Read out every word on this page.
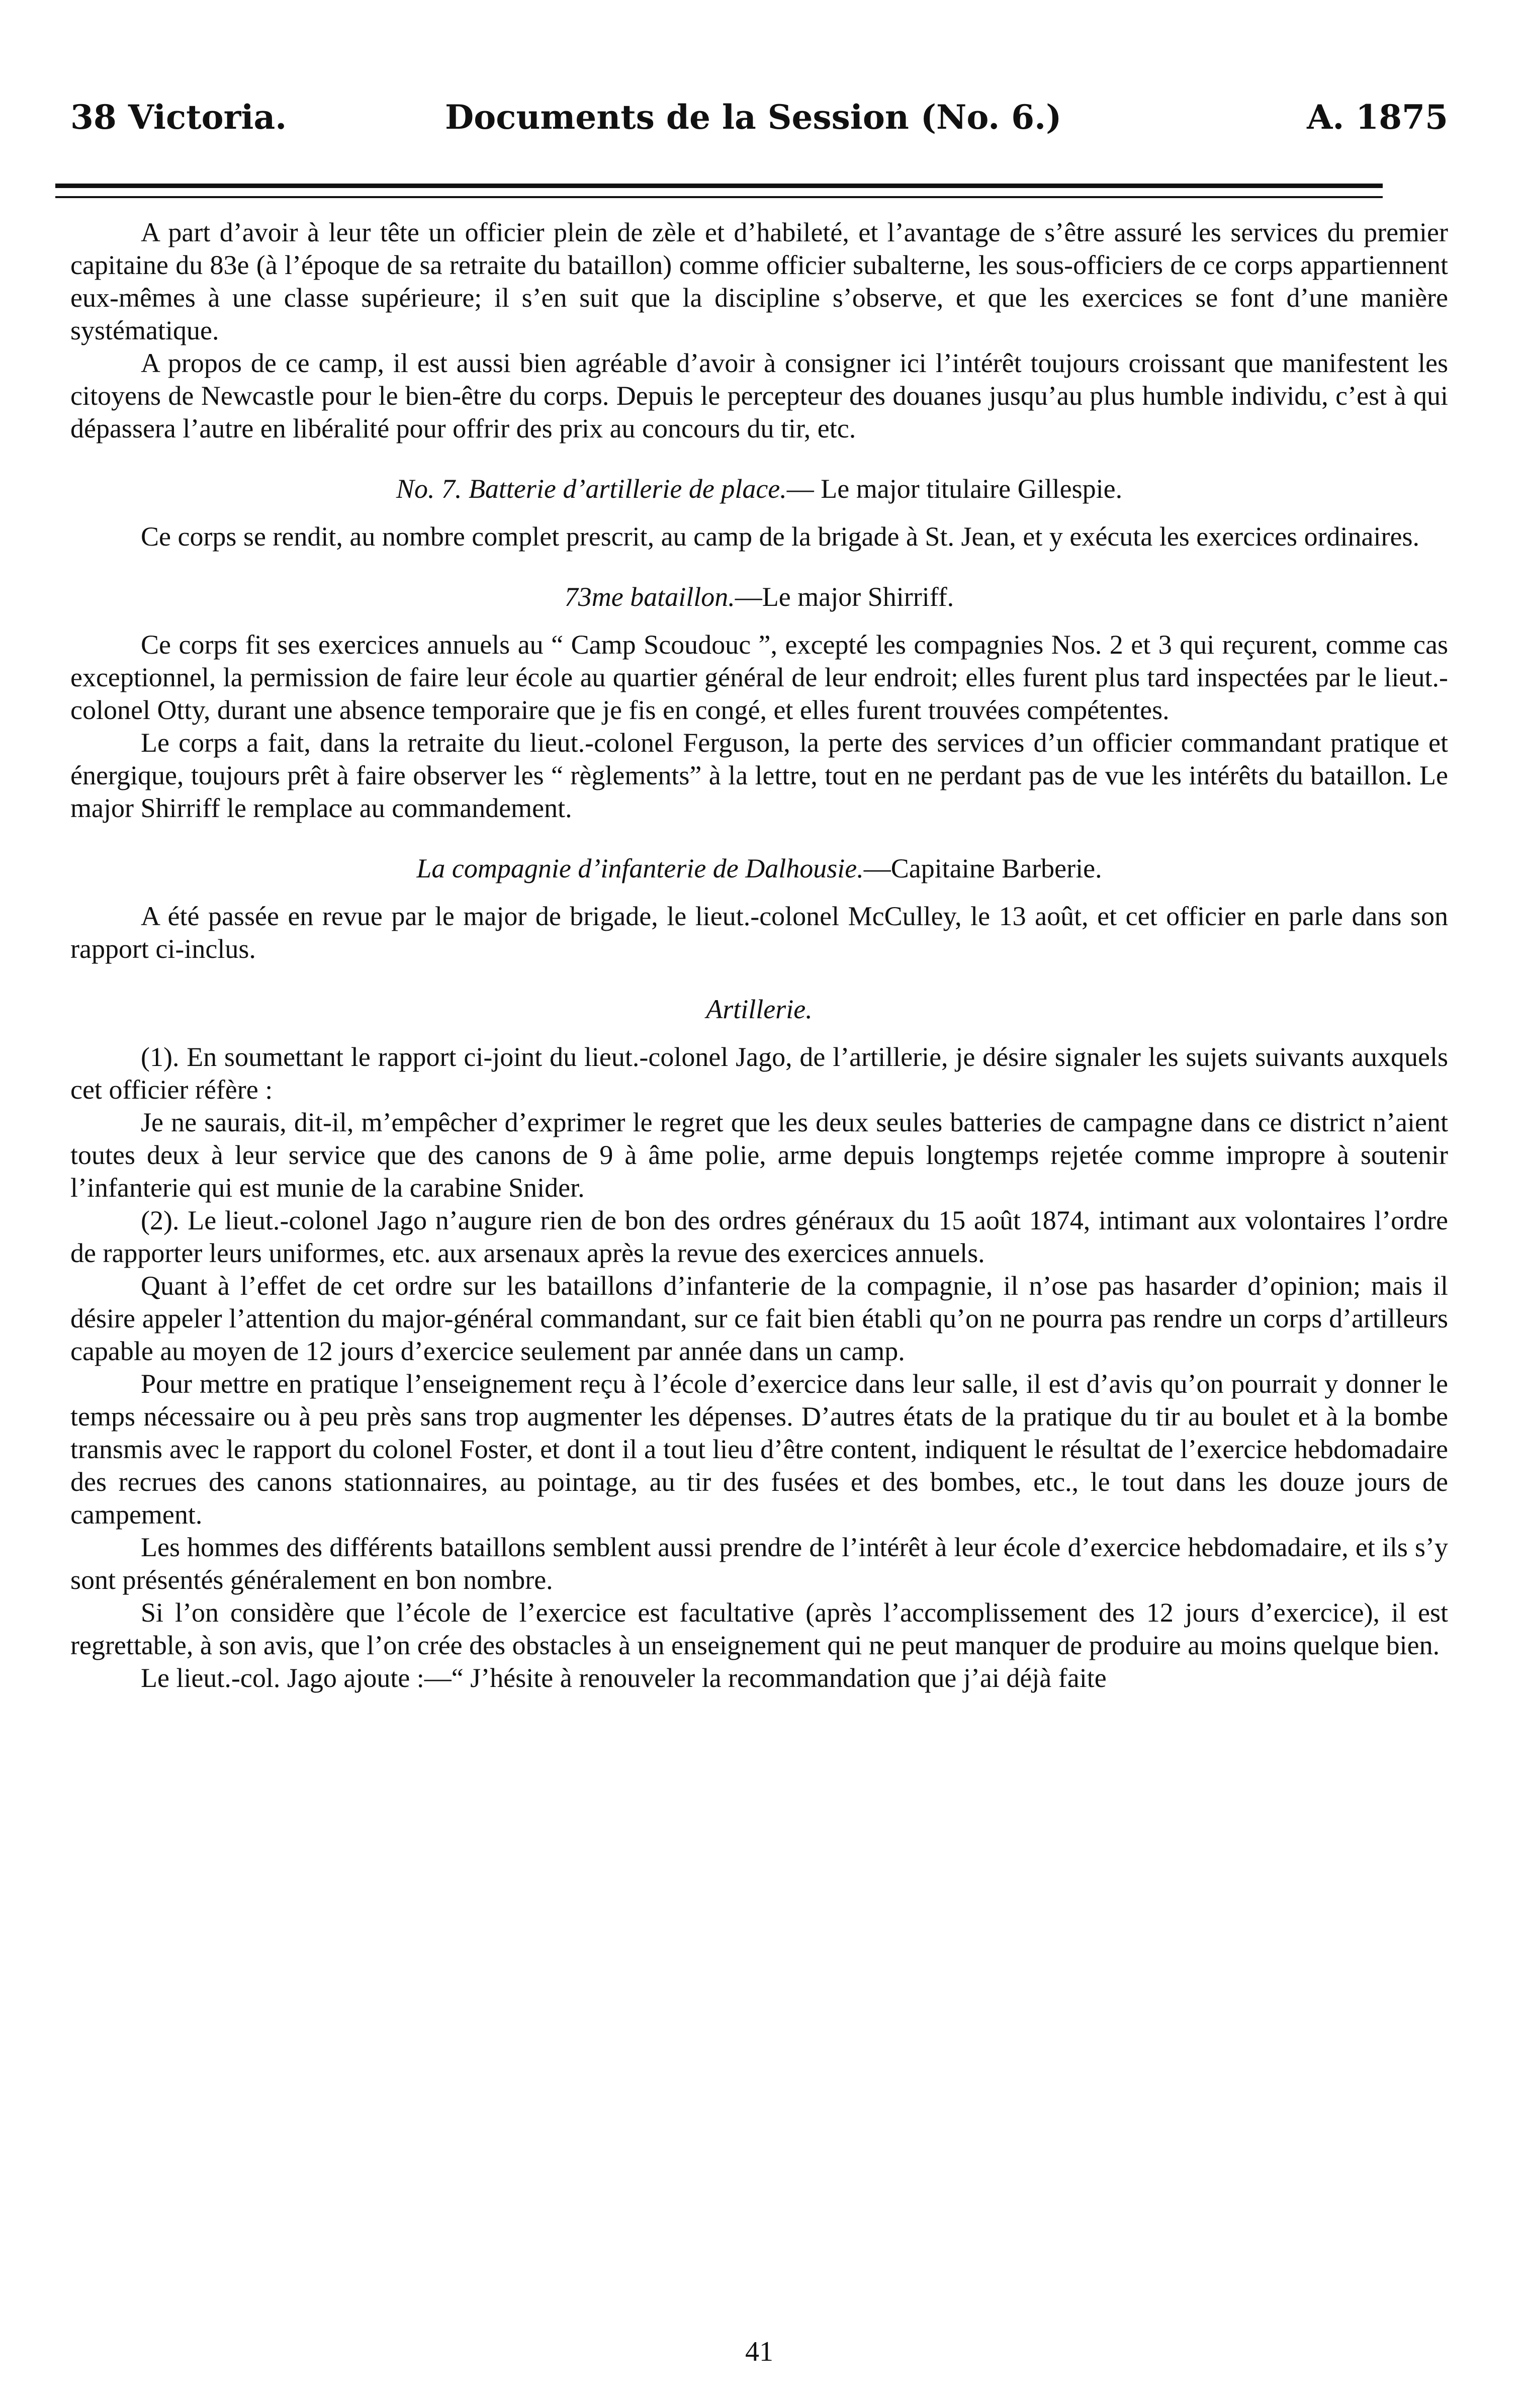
38 Victoria.	Documents de la Session (No. 6.)	A. 1875

A part d’avoir à leur tête un officier plein de zèle et d’habileté, et l’avantage de s’être assuré les services du premier capitaine du 83e (à l’époque de sa retraite du bataillon) comme officier subalterne, les sous-officiers de ce corps appartiennent eux-mêmes à une classe supérieure; il s’en suit que la discipline s’observe, et que les exercices se font d’une manière systématique.

A propos de ce camp, il est aussi bien agréable d’avoir à consigner ici l’intérêt toujours croissant que manifestent les citoyens de Newcastle pour le bien-être du corps. Depuis le percepteur des douanes jusqu’au plus humble individu, c’est à qui dépassera l’autre en libéralité pour offrir des prix au concours du tir, etc.

No. 7. Batterie d’artillerie de place.— Le major titulaire Gillespie.

Ce corps se rendit, au nombre complet prescrit, au camp de la brigade à St. Jean, et y exécuta les exercices ordinaires.

73me bataillon.—Le major Shirriff.

Ce corps fit ses exercices annuels au “ Camp Scoudouc ”, excepté les compagnies Nos. 2 et 3 qui reçurent, comme cas exceptionnel, la permission de faire leur école au quartier général de leur endroit; elles furent plus tard inspectées par le lieut.-colonel Otty, durant une absence temporaire que je fis en congé, et elles furent trouvées compétentes.

Le corps a fait, dans la retraite du lieut.-colonel Ferguson, la perte des services d’un officier commandant pratique et énergique, toujours prêt à faire observer les “ règlements” à la lettre, tout en ne perdant pas de vue les intérêts du bataillon. Le major Shirriff le remplace au commandement.

La compagnie d’infanterie de Dalhousie.—Capitaine Barberie.

A été passée en revue par le major de brigade, le lieut.-colonel McCulley, le 13 août, et cet officier en parle dans son rapport ci-inclus.

Artillerie.

(1). En soumettant le rapport ci-joint du lieut.-colonel Jago, de l’artillerie, je désire signaler les sujets suivants auxquels cet officier réfère :

Je ne saurais, dit-il, m’empêcher d’exprimer le regret que les deux seules batteries de campagne dans ce district n’aient toutes deux à leur service que des canons de 9 à âme polie, arme depuis longtemps rejetée comme impropre à soutenir l’infanterie qui est munie de la carabine Snider.

(2). Le lieut.-colonel Jago n’augure rien de bon des ordres généraux du 15 août 1874, intimant aux volontaires l’ordre de rapporter leurs uniformes, etc. aux arsenaux après la revue des exercices annuels.

Quant à l’effet de cet ordre sur les bataillons d’infanterie de la compagnie, il n’ose pas hasarder d’opinion; mais il désire appeler l’attention du major-général commandant, sur ce fait bien établi qu’on ne pourra pas rendre un corps d’artilleurs capable au moyen de 12 jours d’exercice seulement par année dans un camp.

Pour mettre en pratique l’enseignement reçu à l’école d’exercice dans leur salle, il est d’avis qu’on pourrait y donner le temps nécessaire ou à peu près sans trop augmenter les dépenses. D’autres états de la pratique du tir au boulet et à la bombe transmis avec le rapport du colonel Foster, et dont il a tout lieu d’être content, indiquent le résultat de l’exercice hebdomadaire des recrues des canons stationnaires, au pointage, au tir des fusées et des bombes, etc., le tout dans les douze jours de campement.

Les hommes des différents bataillons semblent aussi prendre de l’intérêt à leur école d’exercice hebdomadaire, et ils s’y sont présentés généralement en bon nombre.

Si l’on considère que l’école de l’exercice est facultative (après l’accomplissement des 12 jours d’exercice), il est regrettable, à son avis, que l’on crée des obstacles à un enseignement qui ne peut manquer de produire au moins quelque bien.

Le lieut.-col. Jago ajoute :—“ J’hésite à renouveler la recommandation que j’ai déjà faite

41
